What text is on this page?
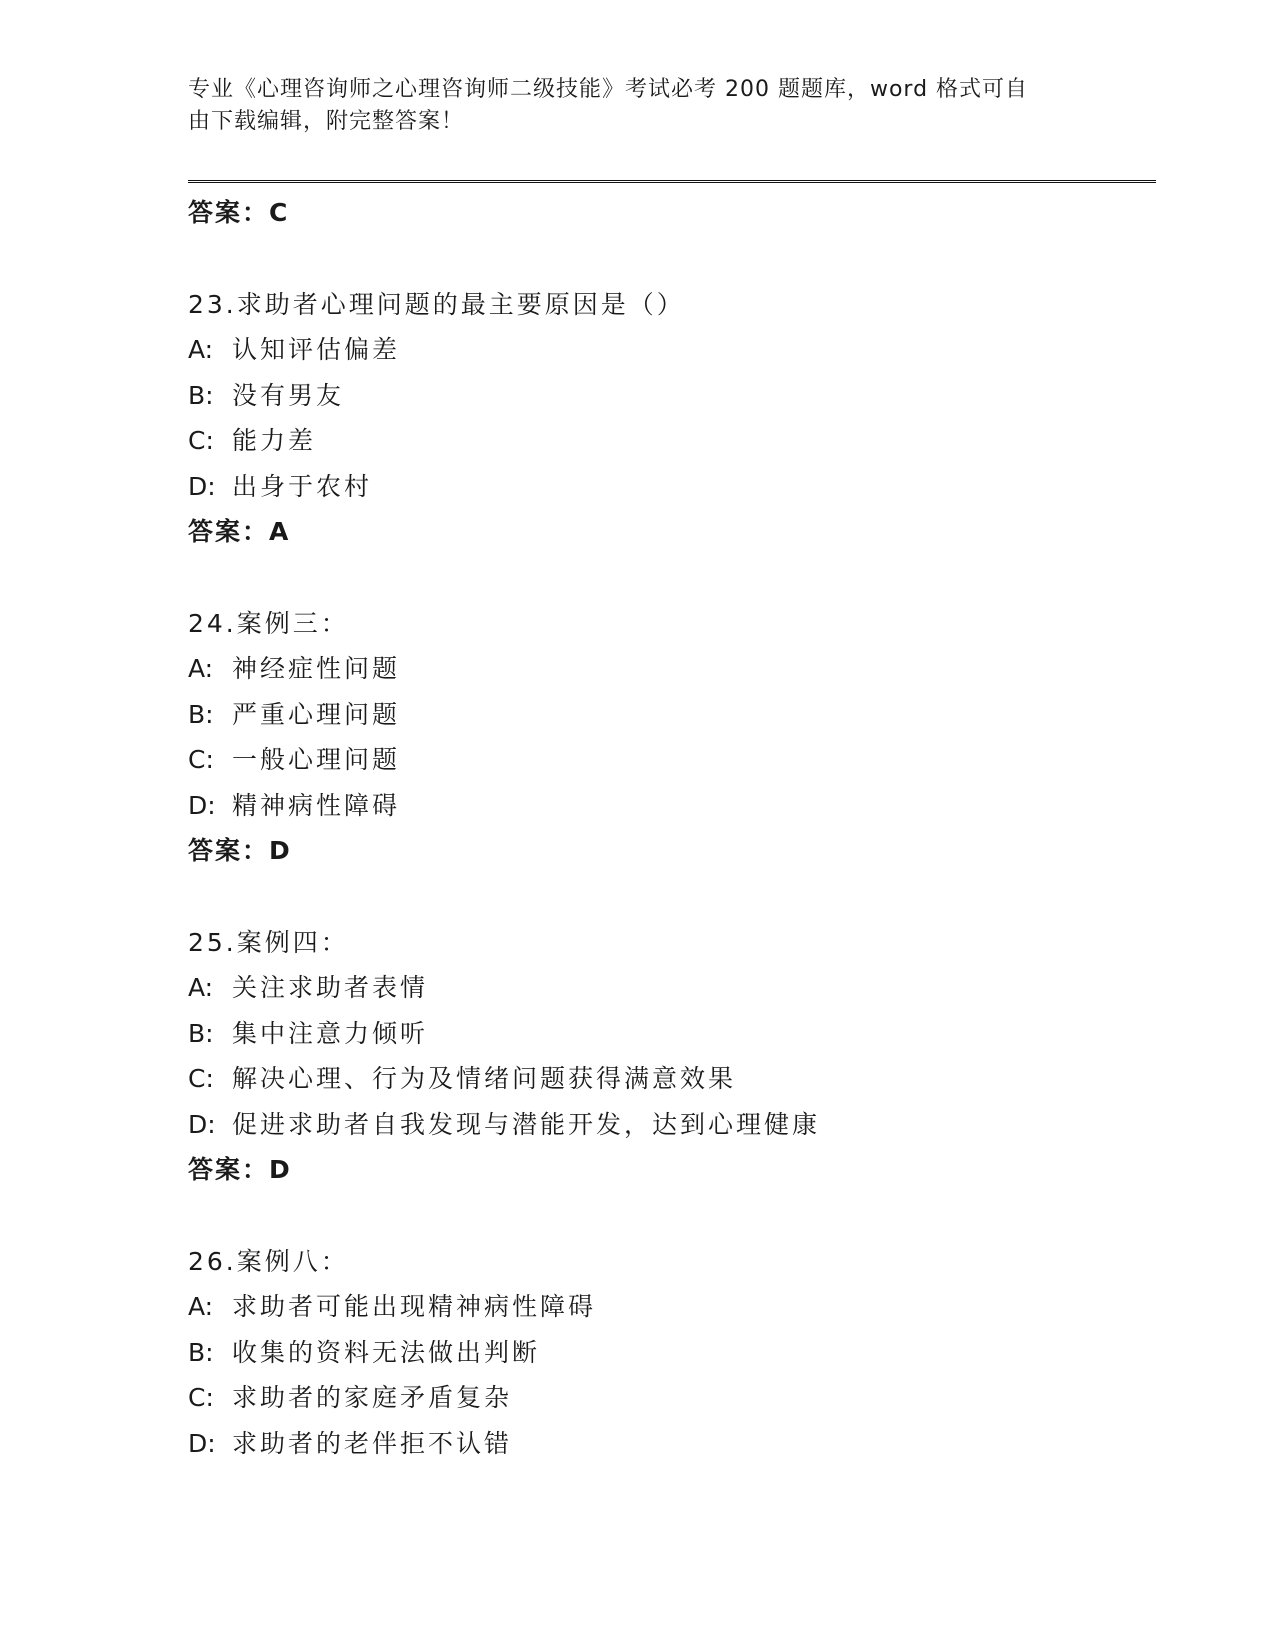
专业《心理咨询师之心理咨询师二级技能》考试必考 200 题题库，word 格式可自
由下载编辑，附完整答案！
答案：C
23.求助者心理问题的最主要原因是（）
A: 认知评估偏差
B: 没有男友
C: 能力差
D: 出身于农村
答案：A
24.案例三：
A: 神经症性问题
B: 严重心理问题
C: 一般心理问题
D: 精神病性障碍
答案：D
25.案例四：
A: 关注求助者表情
B: 集中注意力倾听
C: 解决心理、行为及情绪问题获得满意效果
D: 促进求助者自我发现与潜能开发，达到心理健康
答案：D
26.案例八：
A: 求助者可能出现精神病性障碍
B: 收集的资料无法做出判断
C: 求助者的家庭矛盾复杂
D: 求助者的老伴拒不认错
